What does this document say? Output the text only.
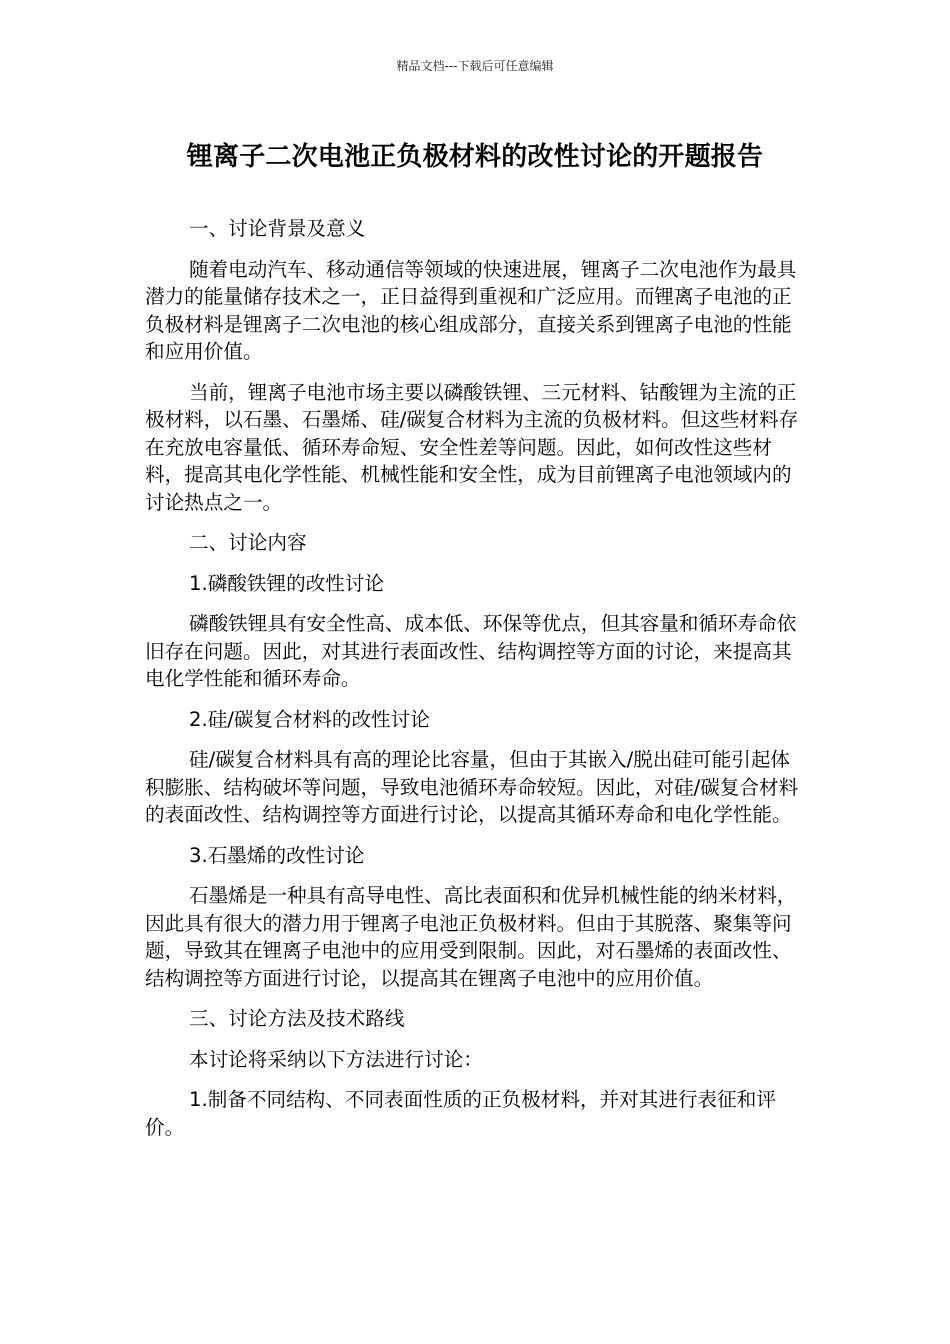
精品文档---下载后可任意编辑
锂离子二次电池正负极材料的改性讨论的开题报告

一、讨论背景及意义

随着电动汽车、移动通信等领域的快速进展，锂离子二次电池作为最具潜力的能量储存技术之一，正日益得到重视和广泛应用。而锂离子电池的正负极材料是锂离子二次电池的核心组成部分，直接关系到锂离子电池的性能和应用价值。

当前，锂离子电池市场主要以磷酸铁锂、三元材料、钴酸锂为主流的正极材料，以石墨、石墨烯、硅/碳复合材料为主流的负极材料。但这些材料存在充放电容量低、循环寿命短、安全性差等问题。因此，如何改性这些材料，提高其电化学性能、机械性能和安全性，成为目前锂离子电池领域内的讨论热点之一。

二、讨论内容

1.磷酸铁锂的改性讨论

磷酸铁锂具有安全性高、成本低、环保等优点，但其容量和循环寿命依旧存在问题。因此，对其进行表面改性、结构调控等方面的讨论，来提高其电化学性能和循环寿命。

2.硅/碳复合材料的改性讨论

硅/碳复合材料具有高的理论比容量，但由于其嵌入/脱出硅可能引起体积膨胀、结构破坏等问题，导致电池循环寿命较短。因此，对硅/碳复合材料的表面改性、结构调控等方面进行讨论，以提高其循环寿命和电化学性能。

3.石墨烯的改性讨论

石墨烯是一种具有高导电性、高比表面积和优异机械性能的纳米材料，因此具有很大的潜力用于锂离子电池正负极材料。但由于其脱落、聚集等问题，导致其在锂离子电池中的应用受到限制。因此，对石墨烯的表面改性、结构调控等方面进行讨论，以提高其在锂离子电池中的应用价值。

三、讨论方法及技术路线

本讨论将采纳以下方法进行讨论：

1.制备不同结构、不同表面性质的正负极材料，并对其进行表征和评价。
